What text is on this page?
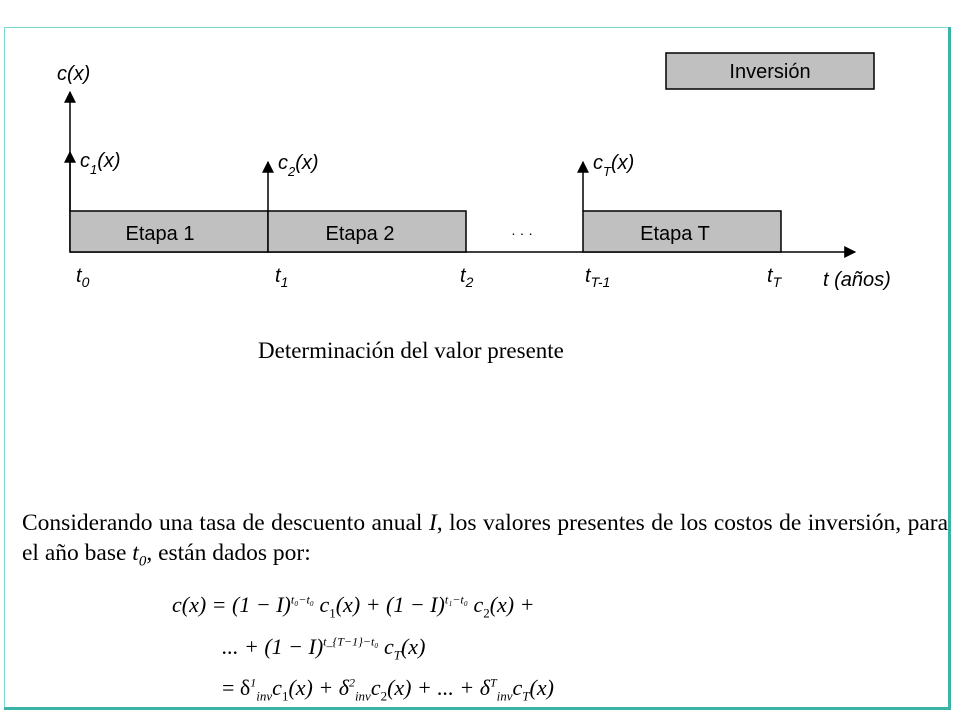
Inversión
c(x)
t (años)
Etapa 1	Etapa 2	Etapa T
· · ·
$c_1(x)$	$c_2(x)$	$c_T(x)$
$t_0$	$t_1$	$t_2$	$t_{T-1}$	$t_T$
Determinación del valor presente
Considerando una tasa de descuento anual I, los valores presentes de los costos de inversión, para el año base $t_0$, están dados por:
$c(x) = (1 - I)^{t_0-t_0}$ $c_1(x) + (1 - I)^{t_1-t_0}$ $c_2(x)$ +
... + $(1 - I)^{t\_\{T-1\}-t_0}$ $c_T(x)$
= $\delta^1_{inv}c_1(x) + \delta^2_{inv}c_2(x)$ + ... + $\delta^T_{inv}c_T(x)$
